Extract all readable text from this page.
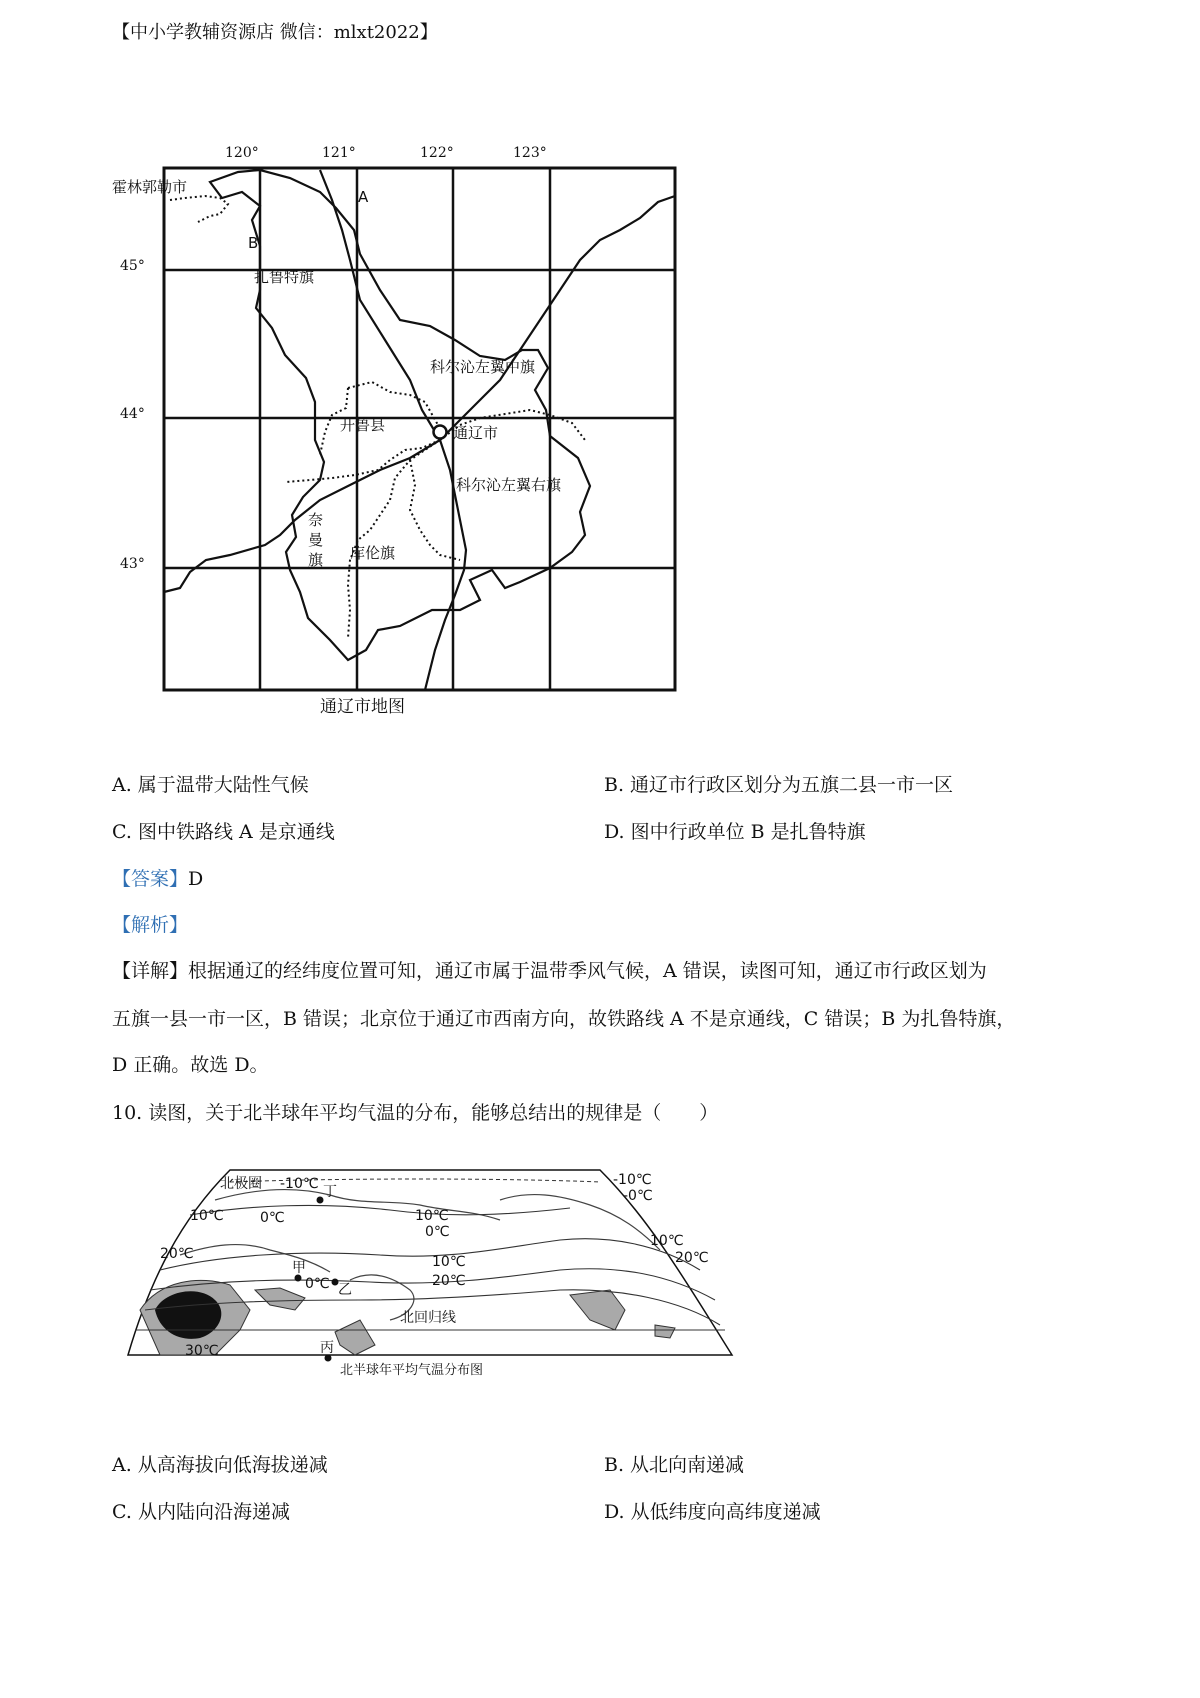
【中小学教辅资源店 微信：mlxt2022】
120°	121°	122°	123°
45°
44°
43°
霍林郭勒市
A
B
扎鲁特旗
科尔沁左翼中旗
开鲁县	通辽市
科尔沁左翼右旗
奈
曼
旗 库伦旗
通辽市地图
A. 属于温带大陆性气候	B. 通辽市行政区划分为五旗二县一市一区
C. 图中铁路线 A 是京通线	D. 图中行政单位 B 是扎鲁特旗
【答案】D
【解析】
【详解】根据通辽的经纬度位置可知，通辽市属于温带季风气候，A 错误，读图可知，通辽市行政区划为
五旗一县一市一区，B 错误；北京位于通辽市西南方向，故铁路线 A 不是京通线，C 错误；B 为扎鲁特旗，
D 正确。故选 D。
10. 读图，关于北半球年平均气温的分布，能够总结出的规律是（　　）
北极圈 -10℃	-10℃
-0℃
10℃	0℃	10℃
0℃
10℃
20℃	20℃
0℃
10℃
20℃
30℃
丁
甲
乙
丙
北回归线
北半球年平均气温分布图
A. 从高海拔向低海拔递减	B. 从北向南递减
C. 从内陆向沿海递减	D. 从低纬度向高纬度递减
